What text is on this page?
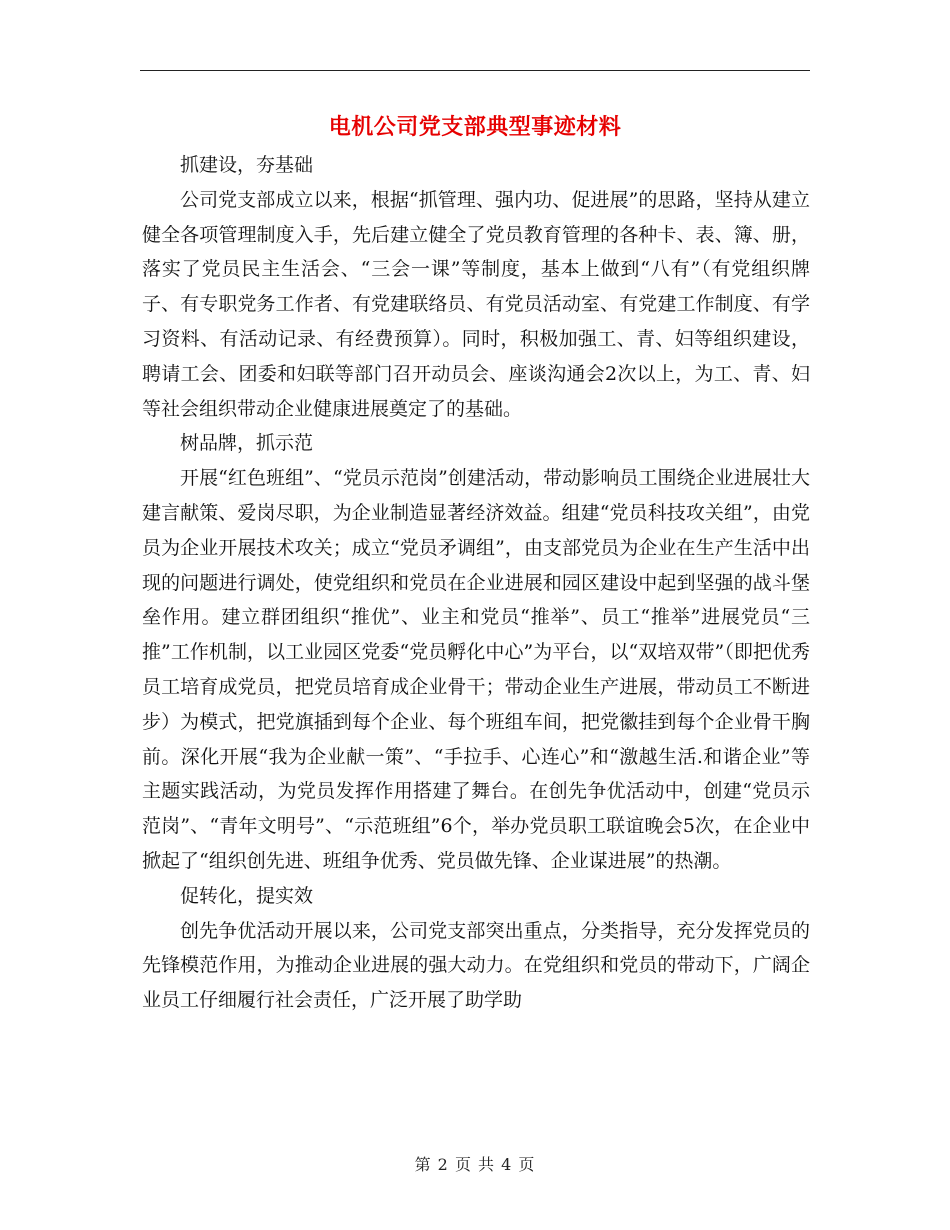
电机公司党支部典型事迹材料

抓建设，夯基础

公司党支部成立以来，根据“抓管理、强内功、促进展”的思路，坚持从建立健全各项管理制度入手，先后建立健全了党员教育管理的各种卡、表、簿、册，落实了党员民主生活会、“三会一课”等制度，基本上做到“八有”（有党组织牌子、有专职党务工作者、有党建联络员、有党员活动室、有党建工作制度、有学习资料、有活动记录、有经费预算）。同时，积极加强工、青、妇等组织建设，聘请工会、团委和妇联等部门召开动员会、座谈沟通会2次以上，为工、青、妇等社会组织带动企业健康进展奠定了的基础。

树品牌，抓示范

开展“红色班组”、“党员示范岗”创建活动，带动影响员工围绕企业进展壮大建言献策、爱岗尽职，为企业制造显著经济效益。组建“党员科技攻关组”，由党员为企业开展技术攻关；成立“党员矛调组”，由支部党员为企业在生产生活中出现的问题进行调处，使党组织和党员在企业进展和园区建设中起到坚强的战斗堡垒作用。建立群团组织“推优”、业主和党员“推举”、员工“推举”进展党员“三推”工作机制，以工业园区党委“党员孵化中心”为平台，以“双培双带”（即把优秀员工培育成党员，把党员培育成企业骨干；带动企业生产进展，带动员工不断进步）为模式，把党旗插到每个企业、每个班组车间，把党徽挂到每个企业骨干胸前。深化开展“我为企业献一策”、“手拉手、心连心”和“激越生活.和谐企业”等主题实践活动，为党员发挥作用搭建了舞台。在创先争优活动中，创建“党员示范岗”、“青年文明号”、“示范班组”6个，举办党员职工联谊晚会5次，在企业中掀起了“组织创先进、班组争优秀、党员做先锋、企业谋进展”的热潮。

促转化，提实效

创先争优活动开展以来，公司党支部突出重点，分类指导，充分发挥党员的先锋模范作用，为推动企业进展的强大动力。在党组织和党员的带动下，广阔企业员工仔细履行社会责任，广泛开展了助学助

第 2 页 共 4 页
